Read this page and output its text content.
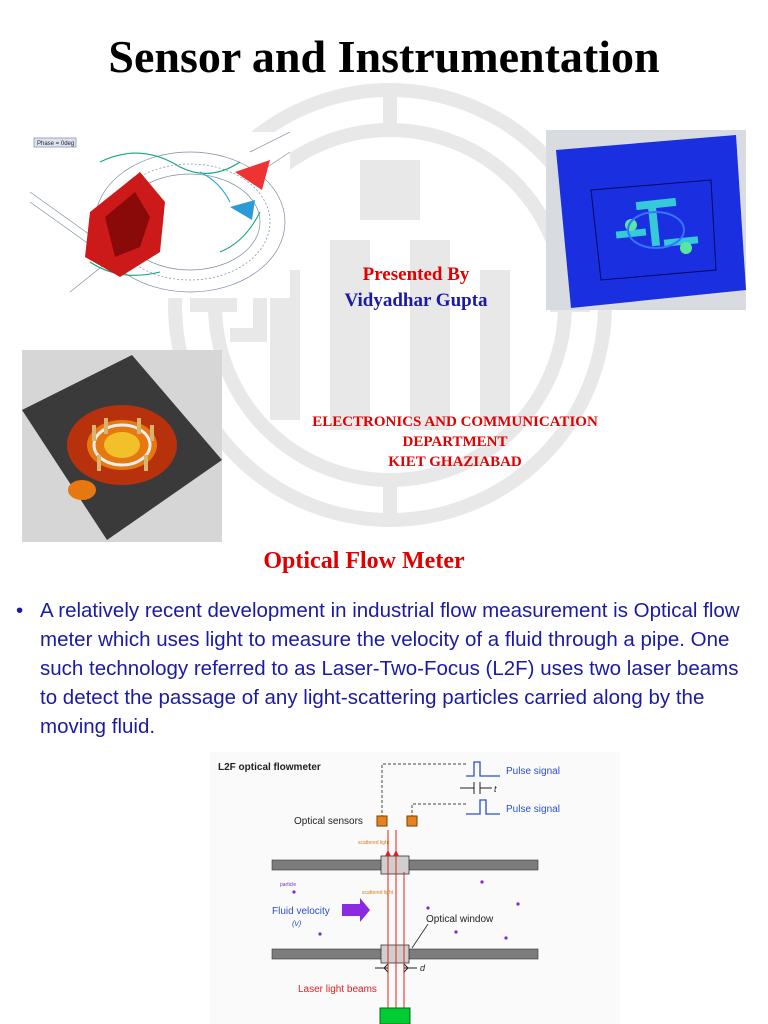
Sensor and Instrumentation
Phase = 0deg
Presented By
Vidyadhar Gupta
ELECTRONICS AND COMMUNICATION
DEPARTMENT
KIET GHAZIABAD
Optical Flow Meter
• A relatively recent development in industrial flow measurement is Optical flow meter which uses light to measure the velocity of a fluid through a pipe. One such technology referred to as Laser-Two-Focus (L2F) uses two laser beams to detect the passage of any light-scattering particles carried along by the moving fluid.
L2F optical flowmeter	Pulse signal
Pulse signal
t
Optical sensors
scattered light
scattered light
particle
Fluid velocity
(v)	Optical window
d
Laser light beams
